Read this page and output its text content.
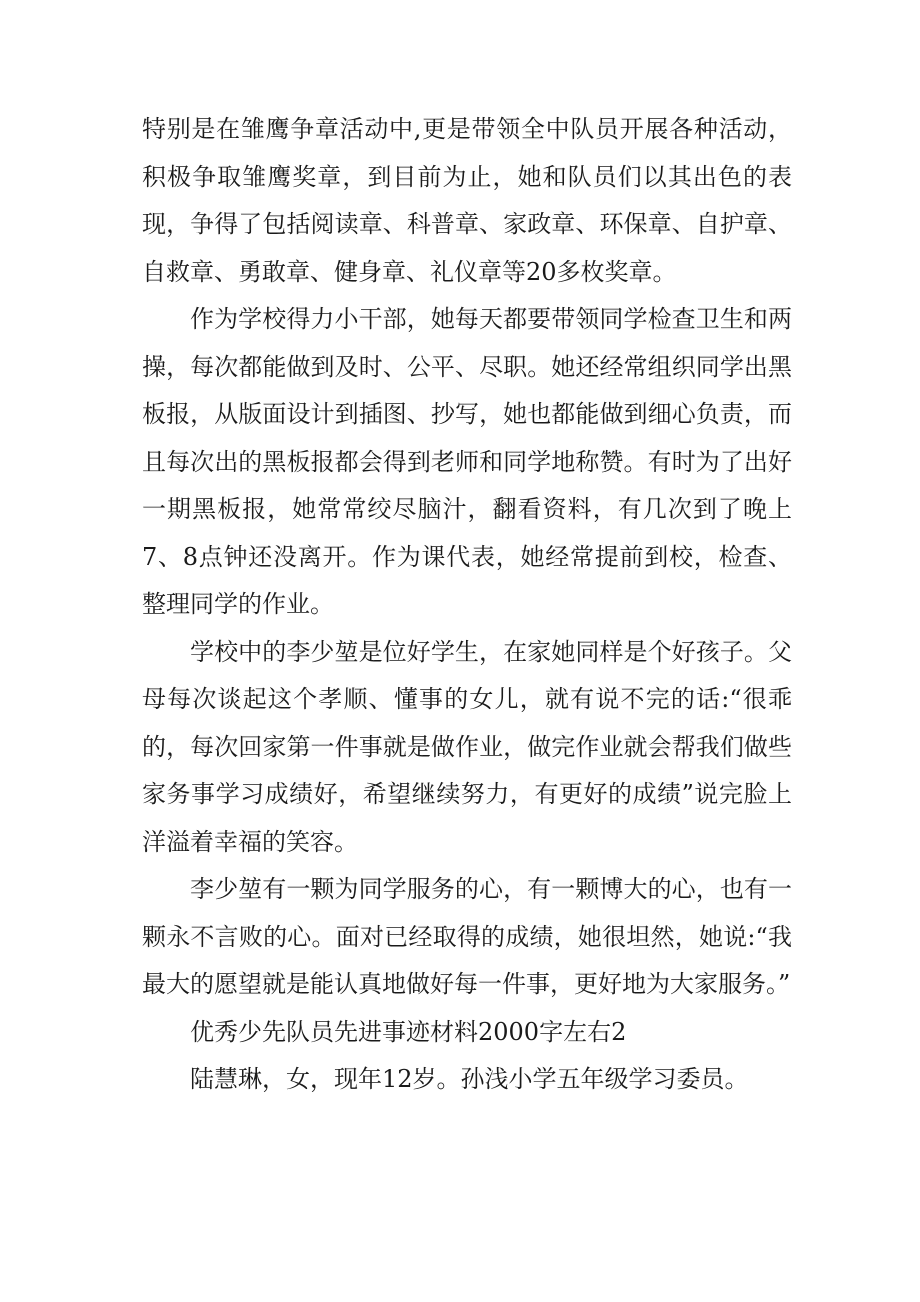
特别是在雏鹰争章活动中,更是带领全中队员开展各种活动，积极争取雏鹰奖章，到目前为止，她和队员们以其出色的表现，争得了包括阅读章、科普章、家政章、环保章、自护章、自救章、勇敢章、健身章、礼仪章等20多枚奖章。

作为学校得力小干部，她每天都要带领同学检查卫生和两操，每次都能做到及时、公平、尽职。她还经常组织同学出黑板报，从版面设计到插图、抄写，她也都能做到细心负责，而且每次出的黑板报都会得到老师和同学地称赞。有时为了出好一期黑板报，她常常绞尽脑汁，翻看资料，有几次到了晚上7、8点钟还没离开。作为课代表，她经常提前到校，检查、整理同学的作业。

学校中的李少堃是位好学生，在家她同样是个好孩子。父母每次谈起这个孝顺、懂事的女儿，就有说不完的话:“很乖的，每次回家第一件事就是做作业，做完作业就会帮我们做些家务事学习成绩好，希望继续努力，有更好的成绩”说完脸上洋溢着幸福的笑容。

李少堃有一颗为同学服务的心，有一颗博大的心，也有一颗永不言败的心。面对已经取得的成绩，她很坦然，她说:“我最大的愿望就是能认真地做好每一件事，更好地为大家服务。”

优秀少先队员先进事迹材料2000字左右2

陆慧琳，女，现年12岁。孙浅小学五年级学习委员。
